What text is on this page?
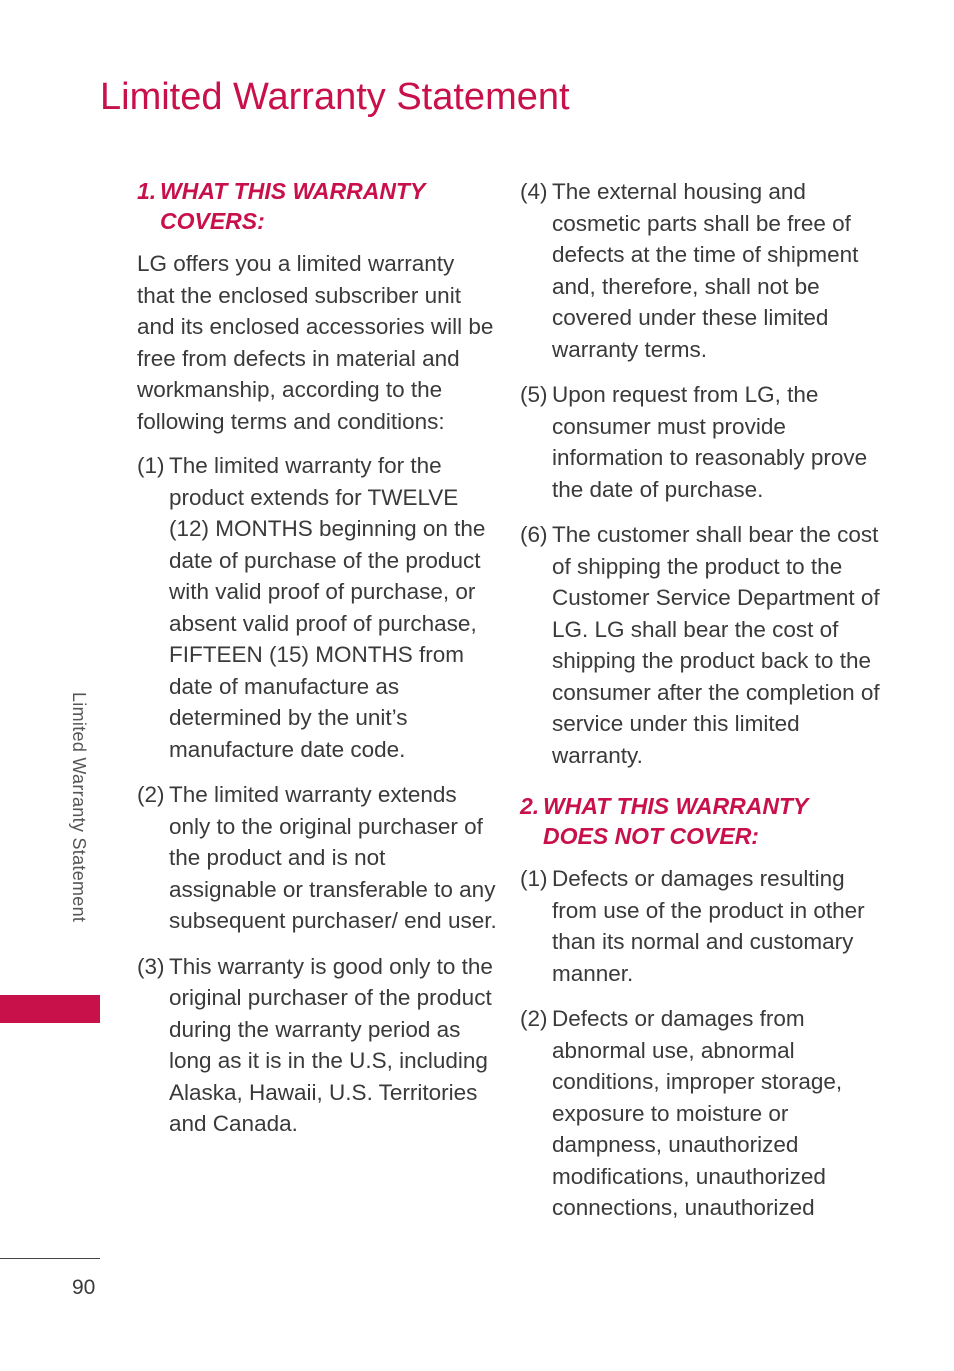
Limited Warranty Statement
1. WHAT THIS WARRANTY
COVERS:

LG offers you a limited warranty that the enclosed subscriber unit and its enclosed accessories will be free from defects in material and workmanship, according to the following terms and conditions:

(1) The limited warranty for the product extends for TWELVE (12) MONTHS beginning on the date of purchase of the product with valid proof of purchase, or absent valid proof of purchase, FIFTEEN (15) MONTHS from date of manufacture as determined by the unit’s manufacture date code.
(2) The limited warranty extends only to the original purchaser of the product and is not assignable or transferable to any subsequent purchaser/ end user.
(3) This warranty is good only to the original purchaser of the product during the warranty period as long as it is in the U.S, including Alaska, Hawaii, U.S. Territories and Canada.
(4) The external housing and cosmetic parts shall be free of defects at the time of shipment and, therefore, shall not be covered under these limited warranty terms.
(5) Upon request from LG, the consumer must provide information to reasonably prove the date of purchase.
(6) The customer shall bear the cost of shipping the product to the Customer Service Department of LG. LG shall bear the cost of shipping the product back to the consumer after the completion of service under this limited warranty.
2. WHAT THIS WARRANTY
DOES NOT COVER:
(1) Defects or damages resulting from use of the product in other than its normal and customary manner.
(2) Defects or damages from abnormal use, abnormal conditions, improper storage, exposure to moisture or dampness, unauthorized modifications, unauthorized connections, unauthorized
Limited Warranty Statement
90
